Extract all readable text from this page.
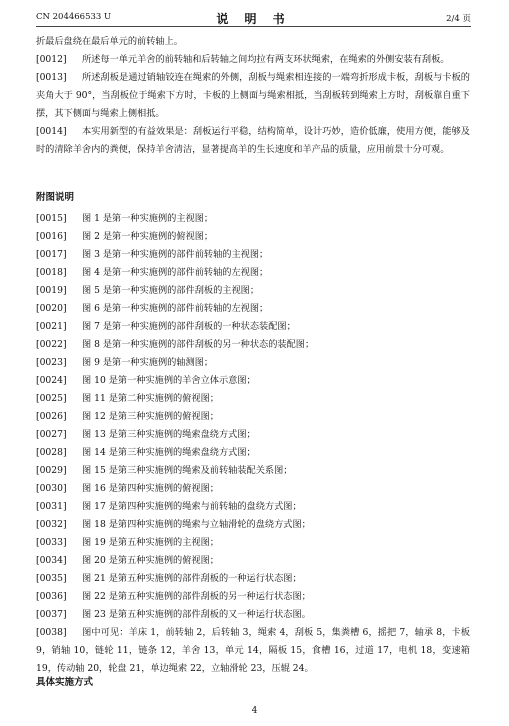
CN 204466533 U	说 明 书	2/4 页

折最后盘绕在最后单元的前转轴上。

[0012] 所述每一单元羊舍的前转轴和后转轴之间均拉有两支环状绳索，在绳索的外侧安装有刮板。

[0013] 所述刮板是通过销轴铰连在绳索的外侧，刮板与绳索相连接的一端弯折形成卡板，刮板与卡板的夹角大于 90°，当刮板位于绳索下方时，卡板的上侧面与绳索相抵，当刮板转到绳索上方时，刮板靠自重下摆，其下侧面与绳索上侧相抵。

[0014] 本实用新型的有益效果是：刮板运行平稳，结构简单，设计巧妙，造价低廉，使用方便，能够及时的清除羊舍内的粪便，保持羊舍清洁，显著提高羊的生长速度和羊产品的质量，应用前景十分可观。

附图说明
[0015] 图 1 是第一种实施例的主视图；
[0016] 图 2 是第一种实施例的俯视图；
[0017] 图 3 是第一种实施例的部件前转轴的主视图；
[0018] 图 4 是第一种实施例的部件前转轴的左视图；
[0019] 图 5 是第一种实施例的部件刮板的主视图；
[0020] 图 6 是第一种实施例的部件前转轴的左视图；
[0021] 图 7 是第一种实施例的部件刮板的一种状态装配图；
[0022] 图 8 是第一种实施例的部件刮板的另一种状态的装配图；
[0023] 图 9 是第一种实施例的轴测图；
[0024] 图 10 是第一种实施例的羊舍立体示意图；
[0025] 图 11 是第二种实施例的俯视图；
[0026] 图 12 是第三种实施例的俯视图；
[0027] 图 13 是第三种实施例的绳索盘绕方式图；
[0028] 图 14 是第三种实施例的绳索盘绕方式图；
[0029] 图 15 是第三种实施例的绳索及前转轴装配关系图；
[0030] 图 16 是第四种实施例的俯视图；
[0031] 图 17 是第四种实施例的绳索与前转轴的盘绕方式图；
[0032] 图 18 是第四种实施例的绳索与立轴滑轮的盘绕方式图；
[0033] 图 19 是第五种实施例的主视图；
[0034] 图 20 是第五种实施例的俯视图；
[0035] 图 21 是第五种实施例的部件刮板的一种运行状态图；
[0036] 图 22 是第五种实施例的部件刮板的另一种运行状态图；
[0037] 图 23 是第五种实施例的部件刮板的又一种运行状态图。

[0038] 图中可见：羊床 1，前转轴 2，后转轴 3，绳索 4，刮板 5，集粪槽 6，摇把 7，轴承 8，卡板 9，销轴 10，链轮 11，链条 12，羊舍 13，单元 14，隔板 15，食槽 16，过道 17，电机 18，变速箱 19，传动轴 20，轮盘 21，单边绳索 22，立轴滑轮 23，压辊 24。

具体实施方式
4
